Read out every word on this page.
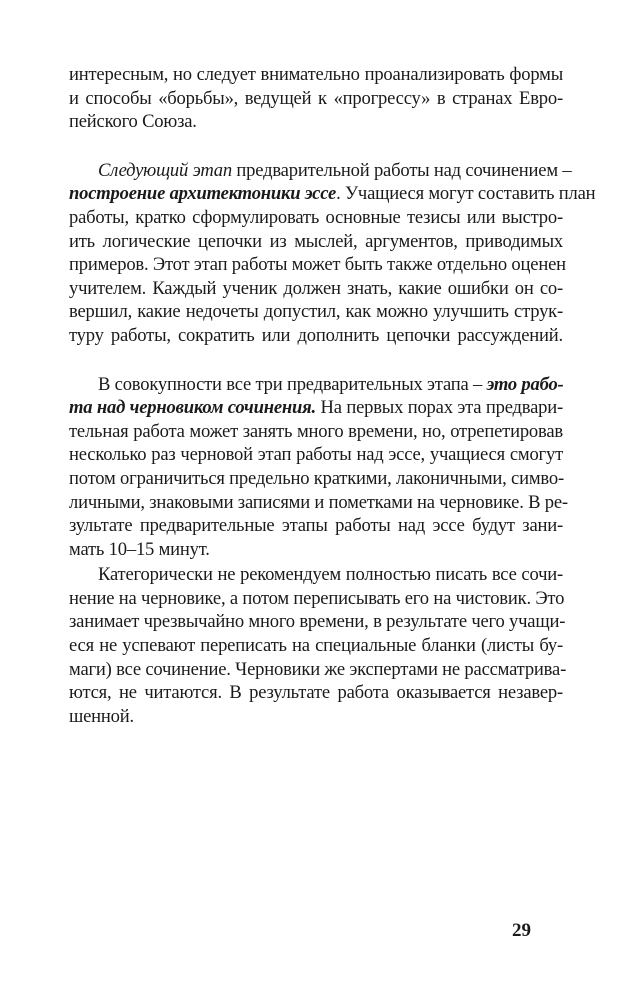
интересным, но следует внимательно проанализировать формы
и способы «борьбы», ведущей к «прогрессу» в странах Евро-
пейского Союза.
Следующий этап предварительной работы над сочинением –
построение архитектоники эссе. Учащиеся могут составить план
работы, кратко сформулировать основные тезисы или выстро-
ить логические цепочки из мыслей, аргументов, приводимых
примеров. Этот этап работы может быть также отдельно оценен
учителем. Каждый ученик должен знать, какие ошибки он со-
вершил, какие недочеты допустил, как можно улучшить струк-
туру работы, сократить или дополнить цепочки рассуждений.
В совокупности все три предварительных этапа – это рабо-
та над черновиком сочинения. На первых порах эта предвари-
тельная работа может занять много времени, но, отрепетировав
несколько раз черновой этап работы над эссе, учащиеся смогут
потом ограничиться предельно краткими, лаконичными, симво-
личными, знаковыми записями и пометками на черновике. В ре-
зультате предварительные этапы работы над эссе будут зани-
мать 10–15 минут.
Категорически не рекомендуем полностью писать все сочи-
нение на черновике, а потом переписывать его на чистовик. Это
занимает чрезвычайно много времени, в результате чего учащи-
еся не успевают переписать на специальные бланки (листы бу-
маги) все сочинение. Черновики же экспертами не рассматрива-
ются, не читаются. В результате работа оказывается незавер-
шенной.
29
